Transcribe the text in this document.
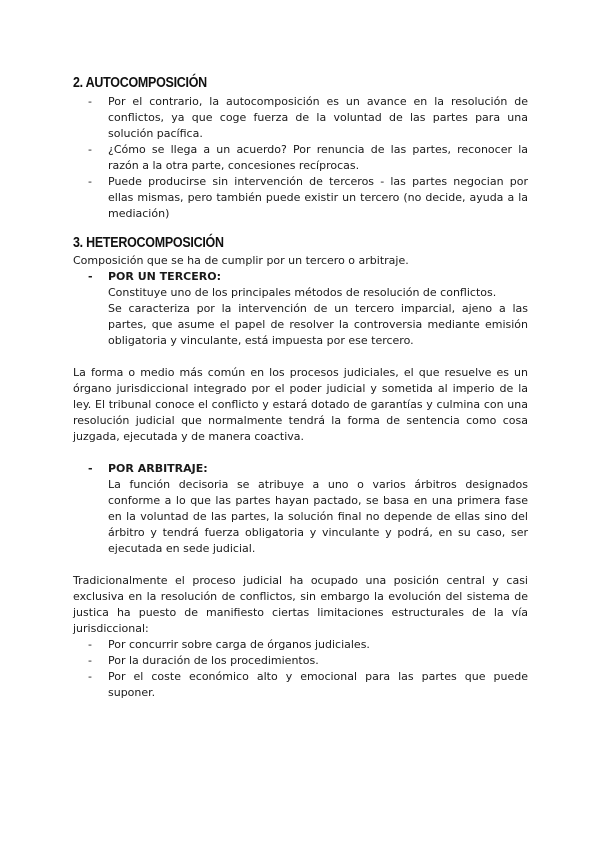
2. AUTOCOMPOSICIÓN
- Por el contrario, la autocomposición es un avance en la resolución de conflictos, ya que coge fuerza de la voluntad de las partes para una solución pacífica.
- ¿Cómo se llega a un acuerdo? Por renuncia de las partes, reconocer la razón a la otra parte, concesiones recíprocas.
- Puede producirse sin intervención de terceros - las partes negocian por ellas mismas, pero también puede existir un tercero (no decide, ayuda a la mediación)
3. HETEROCOMPOSICIÓN

Composición que se ha de cumplir por un tercero o arbitraje.

- POR UN TERCERO:
Constituye uno de los principales métodos de resolución de conflictos.
Se caracteriza por la intervención de un tercero imparcial, ajeno a las partes, que asume el papel de resolver la controversia mediante emisión obligatoria y vinculante, está impuesta por ese tercero.

La forma o medio más común en los procesos judiciales, el que resuelve es un órgano jurisdiccional integrado por el poder judicial y sometida al imperio de la ley. El tribunal conoce el conflicto y estará dotado de garantías y culmina con una resolución judicial que normalmente tendrá la forma de sentencia como cosa juzgada, ejecutada y de manera coactiva.

- POR ARBITRAJE:
La función decisoria se atribuye a uno o varios árbitros designados conforme a lo que las partes hayan pactado, se basa en una primera fase en la voluntad de las partes, la solución final no depende de ellas sino del árbitro y tendrá fuerza obligatoria y vinculante y podrá, en su caso, ser ejecutada en sede judicial.

Tradicionalmente el proceso judicial ha ocupado una posición central y casi exclusiva en la resolución de conflictos, sin embargo la evolución del sistema de justica ha puesto de manifiesto ciertas limitaciones estructurales de la vía jurisdiccional:

- Por concurrir sobre carga de órganos judiciales.
- Por la duración de los procedimientos.
- Por el coste económico alto y emocional para las partes que puede suponer.
